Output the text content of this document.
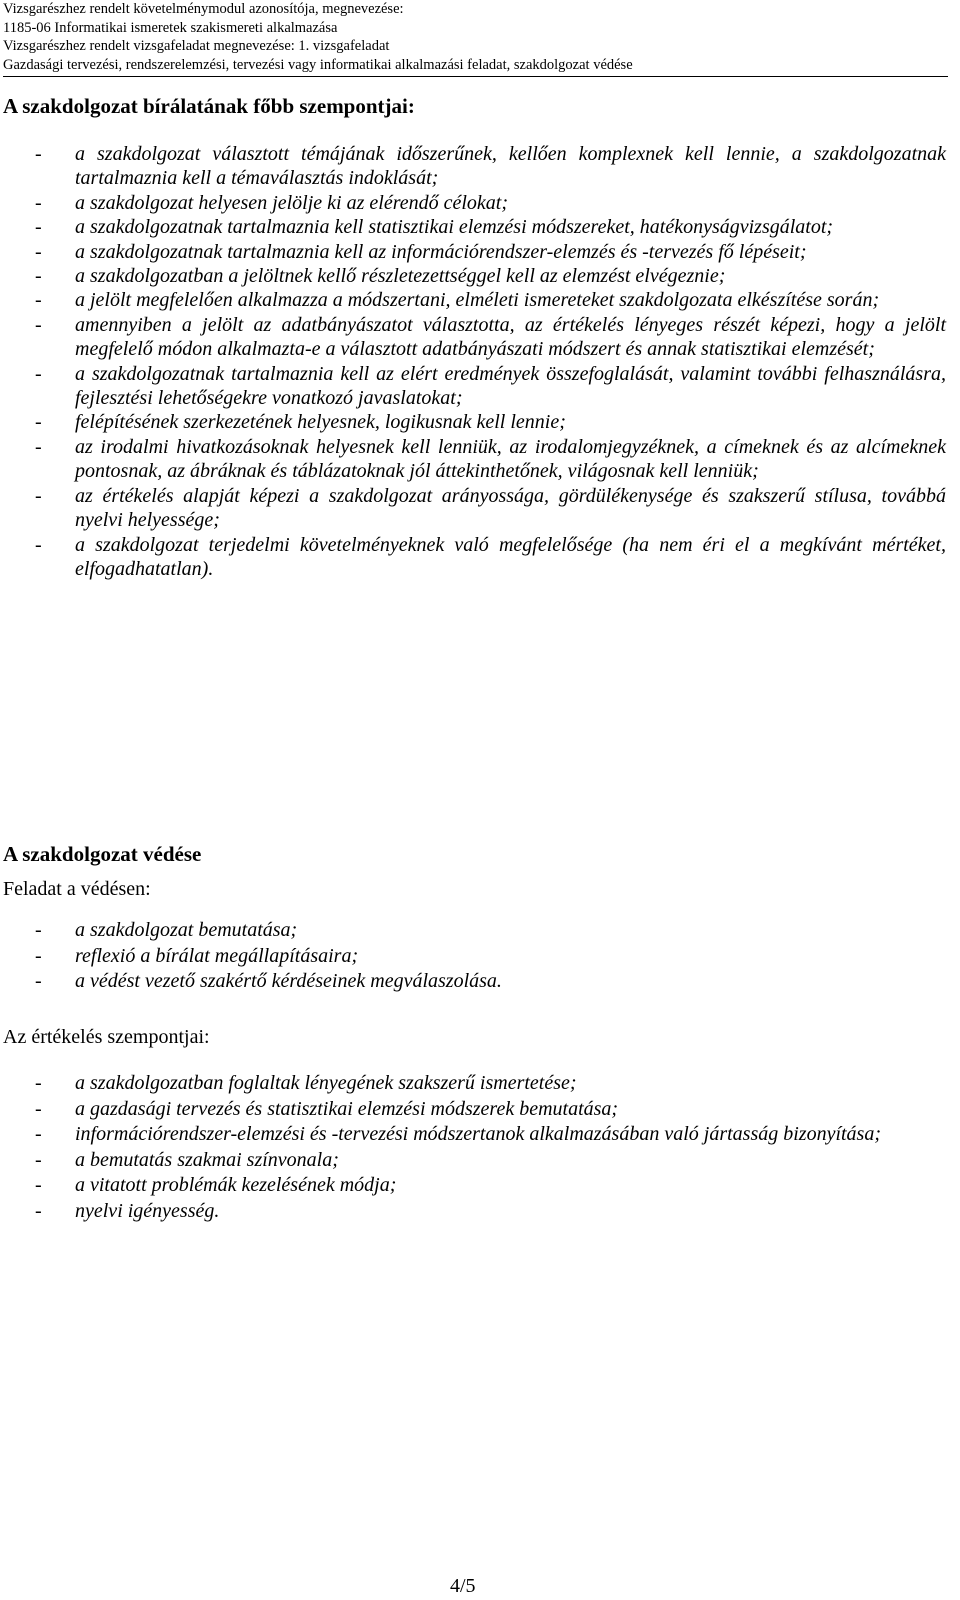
Vizsgarészhez rendelt követelménymodul azonosítója, megnevezése:
1185-06 Informatikai ismeretek szakismereti alkalmazása
Vizsgarészhez rendelt vizsgafeladat megnevezése: 1. vizsgafeladat
Gazdasági tervezési, rendszerelemzési, tervezési vagy informatikai alkalmazási feladat, szakdolgozat védése
A szakdolgozat bírálatának főbb szempontjai:
- a szakdolgozat választott témájának időszerűnek, kellően komplexnek kell lennie, a szakdolgozatnak tartalmaznia kell a témaválasztás indoklását;
- a szakdolgozat helyesen jelölje ki az elérendő célokat;
- a szakdolgozatnak tartalmaznia kell statisztikai elemzési módszereket, hatékonyságvizsgálatot;
- a szakdolgozatnak tartalmaznia kell az információrendszer-elemzés és -tervezés fő lépéseit;
- a szakdolgozatban a jelöltnek kellő részletezettséggel kell az elemzést elvégeznie;
- a jelölt megfelelően alkalmazza a módszertani, elméleti ismereteket szakdolgozata elkészítése során;
- amennyiben a jelölt az adatbányászatot választotta, az értékelés lényeges részét képezi, hogy a jelölt megfelelő módon alkalmazta-e a választott adatbányászati módszert és annak statisztikai elemzését;
- a szakdolgozatnak tartalmaznia kell az elért eredmények összefoglalását, valamint további felhasználásra, fejlesztési lehetőségekre vonatkozó javaslatokat;
- felépítésének szerkezetének helyesnek, logikusnak kell lennie;
- az irodalmi hivatkozásoknak helyesnek kell lenniük, az irodalomjegyzéknek, a címeknek és az alcímeknek pontosnak, az ábráknak és táblázatoknak jól áttekinthetőnek, világosnak kell lenniük;
- az értékelés alapját képezi a szakdolgozat arányossága, gördülékenysége és szakszerű stílusa, továbbá nyelvi helyessége;
- a szakdolgozat terjedelmi követelményeknek való megfelelősége (ha nem éri el a megkívánt mértéket, elfogadhatatlan).
A szakdolgozat védése
Feladat a védésen:
- a szakdolgozat bemutatása;
- reflexió a bírálat megállapításaira;
- a védést vezető szakértő kérdéseinek megválaszolása.
Az értékelés szempontjai:
- a szakdolgozatban foglaltak lényegének szakszerű ismertetése;
- a gazdasági tervezés és statisztikai elemzési módszerek bemutatása;
- információrendszer-elemzési és -tervezési módszertanok alkalmazásában való jártasság bizonyítása;
- a bemutatás szakmai színvonala;
- a vitatott problémák kezelésének módja;
- nyelvi igényesség.
4/5
